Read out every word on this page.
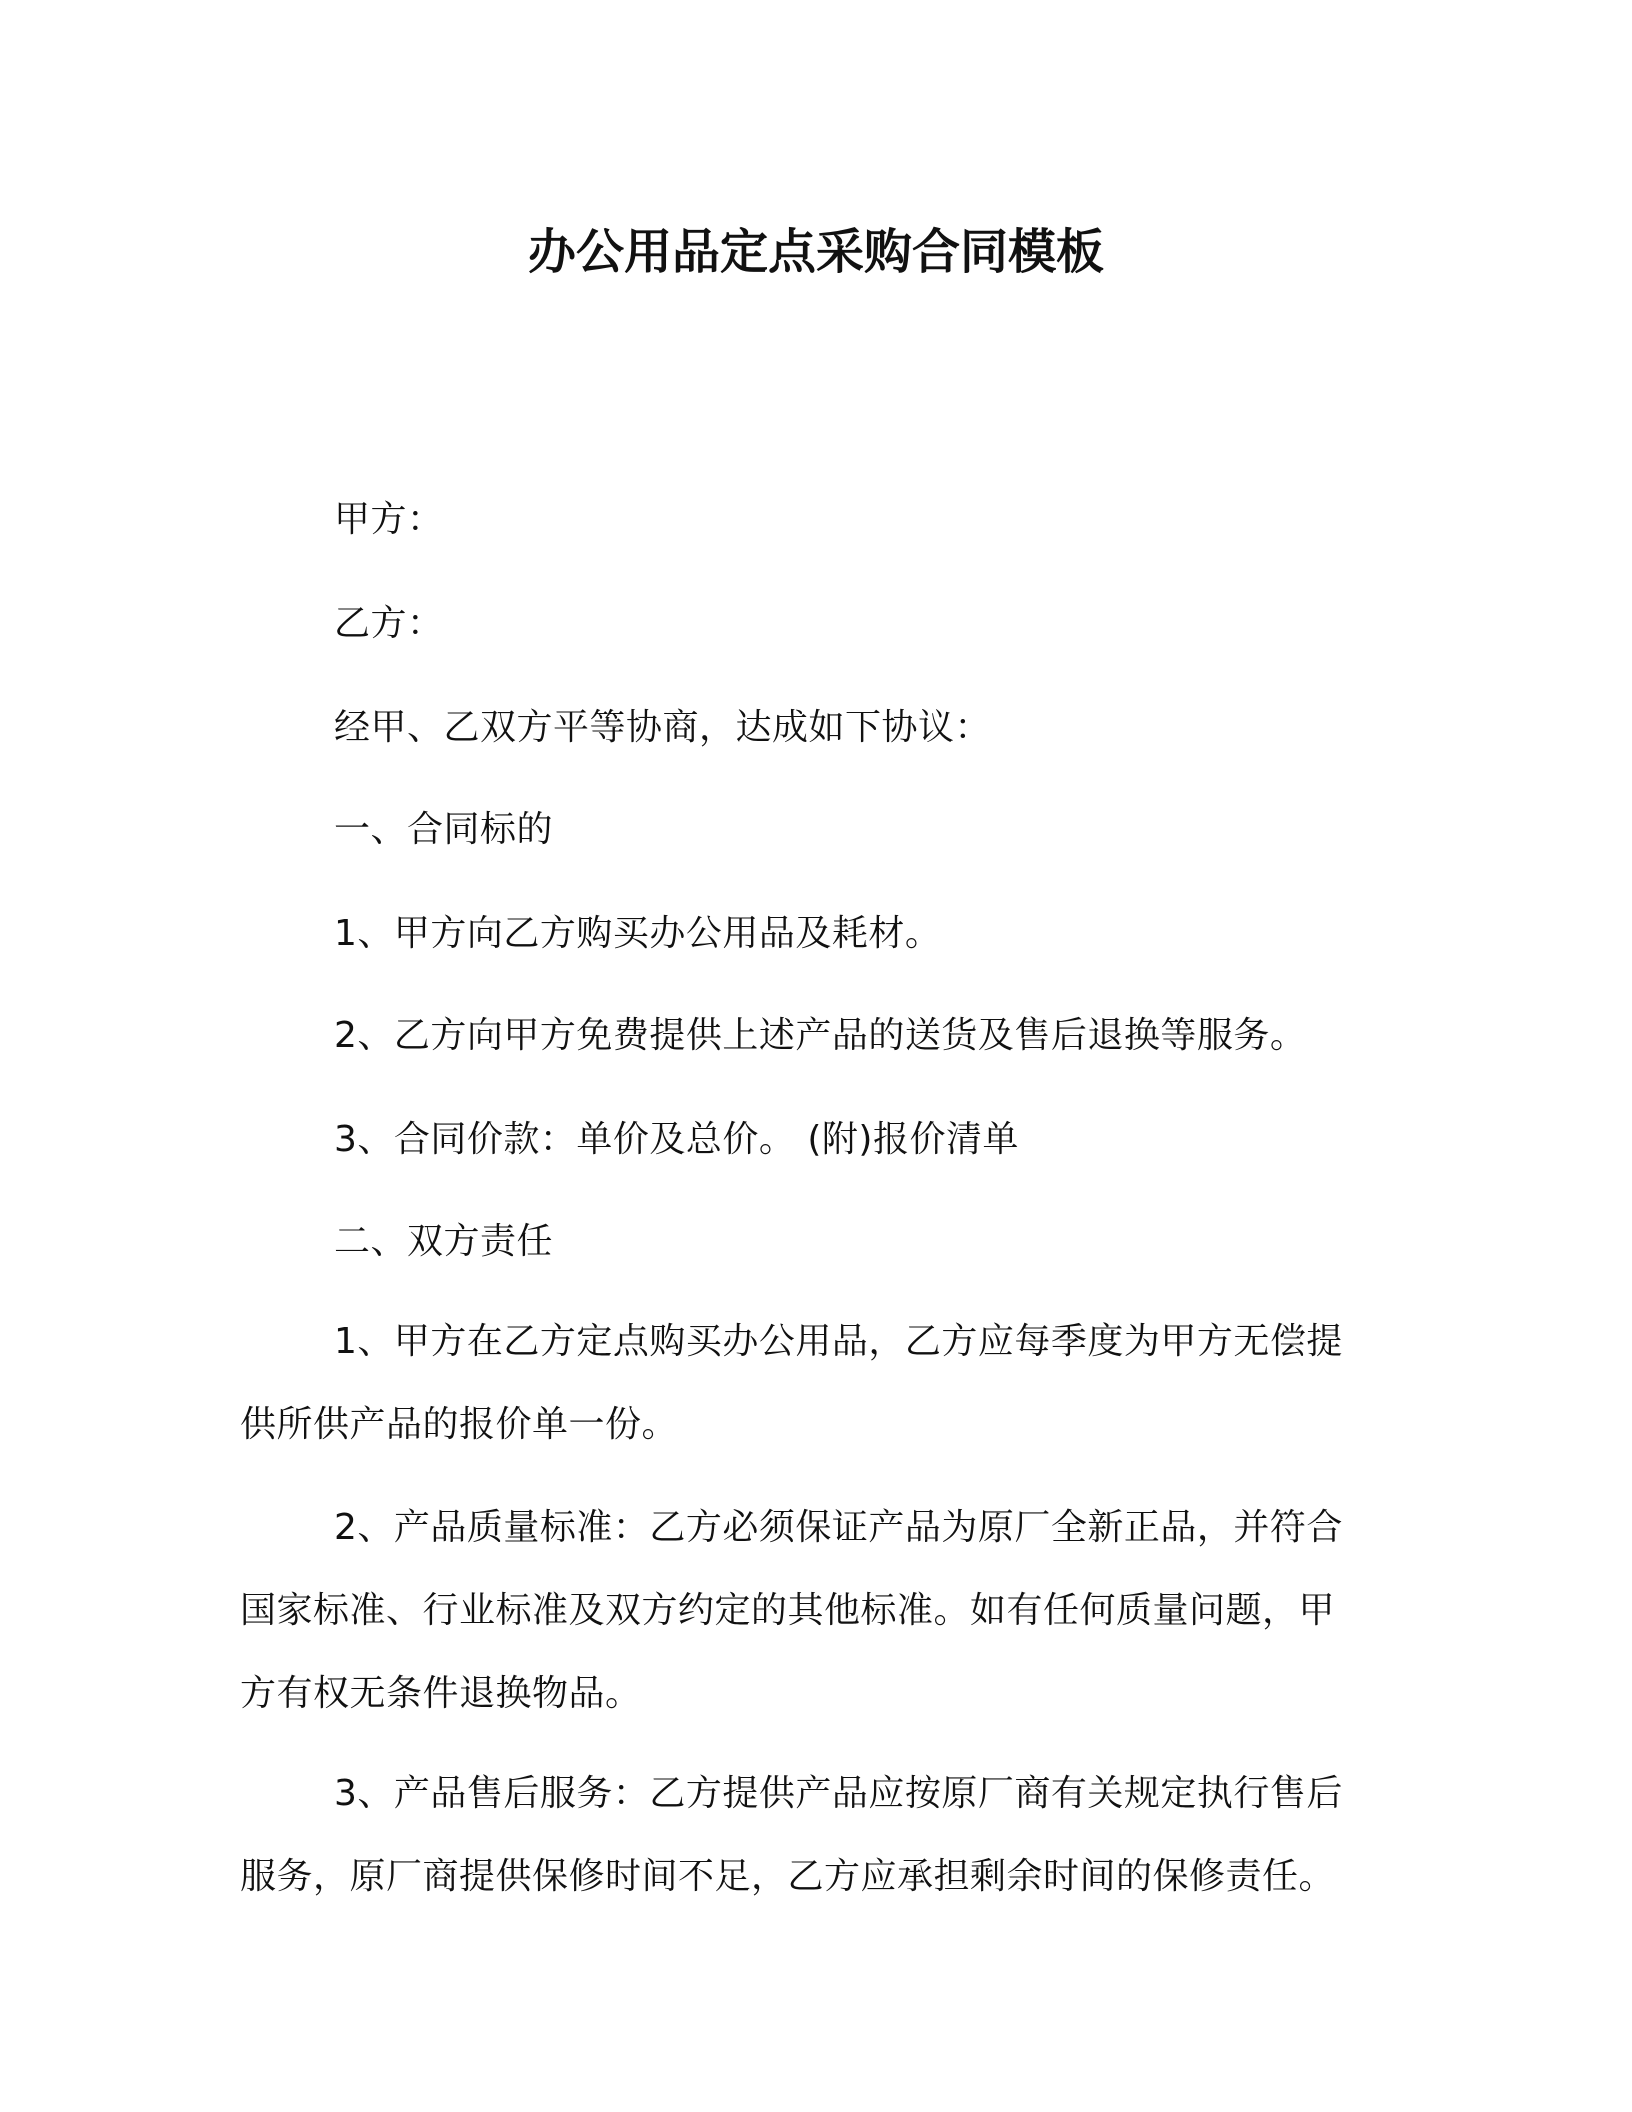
办公用品定点采购合同模板
甲方：
乙方：
经甲、乙双方平等协商，达成如下协议：
一、合同标的
1、甲方向乙方购买办公用品及耗材。
2、乙方向甲方免费提供上述产品的送货及售后退换等服务。
3、合同价款：单价及总价。 (附)报价清单
二、双方责任

1、甲方在乙方定点购买办公用品，乙方应每季度为甲方无偿提供所供产品的报价单一份。

2、产品质量标准：乙方必须保证产品为原厂全新正品，并符合国家标准、行业标准及双方约定的其他标准。如有任何质量问题，甲方有权无条件退换物品。

3、产品售后服务：乙方提供产品应按原厂商有关规定执行售后服务，原厂商提供保修时间不足，乙方应承担剩余时间的保修责任。
